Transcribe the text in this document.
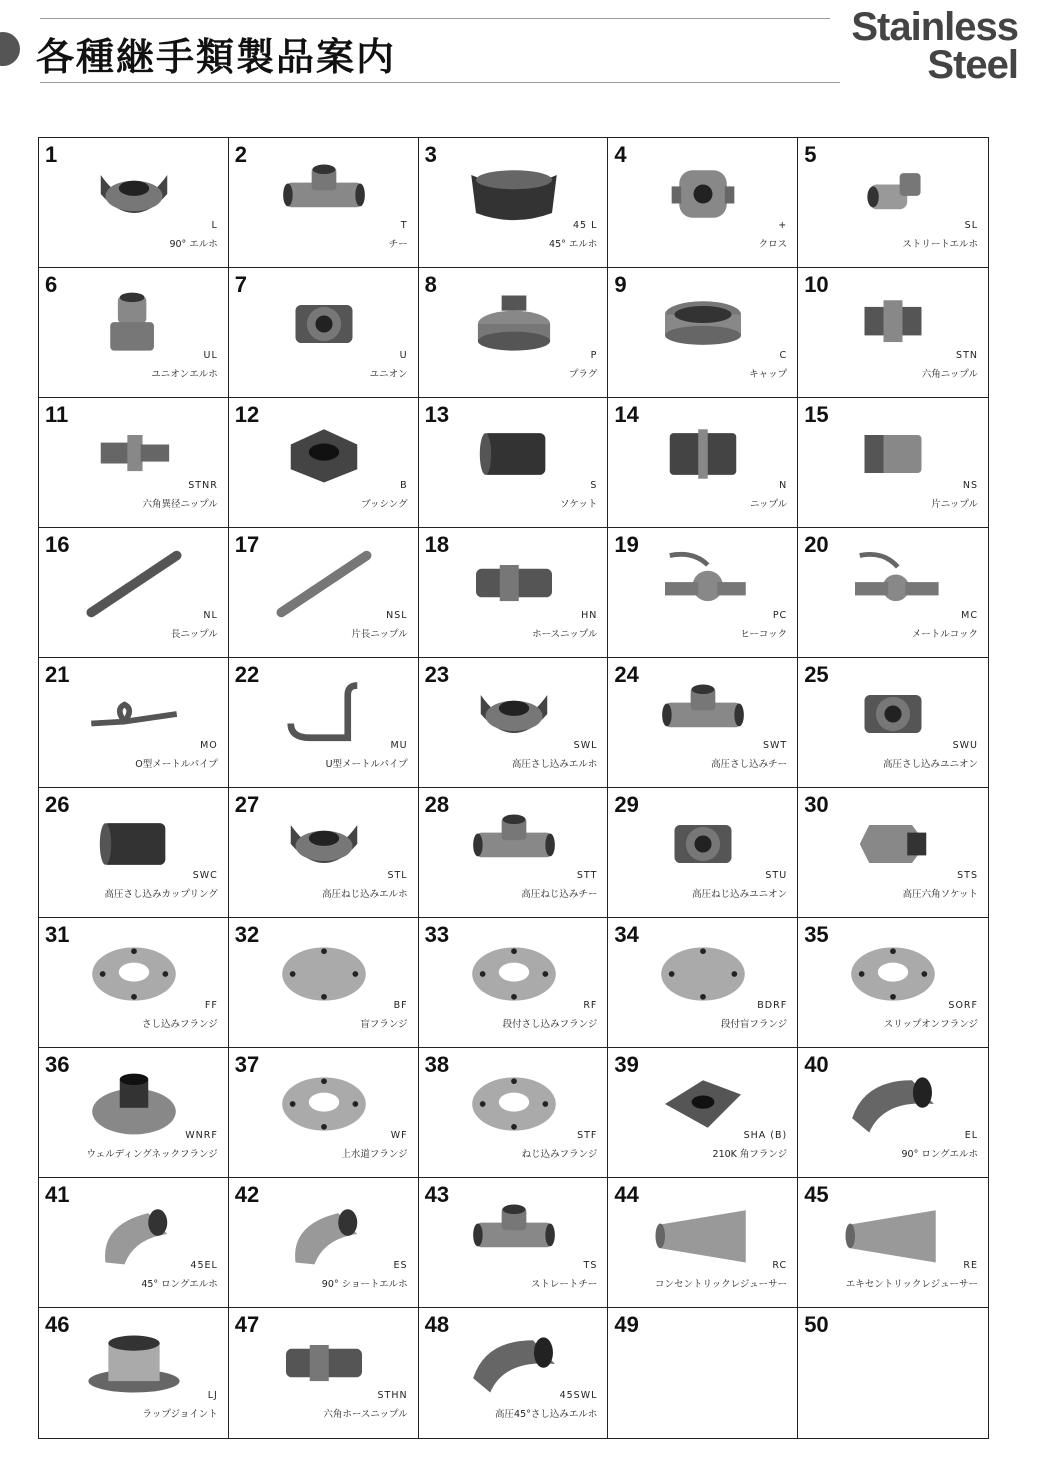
各種継手類製品案内
Stainless
Steel
1
L
90° エルホ
2
T
チー
3
45 L
45° エルホ
4
+
クロス
5
SL
ストリートエルホ
6
UL
ユニオンエルホ
7
U
ユニオン
8
P
プラグ
9
C
キャップ
10
STN
六角ニップル
11
STNR
六角異径ニップル
12
B
ブッシング
13
S
ソケット
14
N
ニップル
15
NS
片ニップル
16
NL
長ニップル
17
NSL
片長ニップル
18
HN
ホースニップル
19
PC
ヒーコック
20
MC
メートルコック
21
MO
O型メートルパイプ
22
MU
U型メートルパイプ
23
SWL
高圧さし込みエルホ
24
SWT
高圧さし込みチー
25
SWU
高圧さし込みユニオン
26
SWC
高圧さし込みカップリング
27
STL
高圧ねじ込みエルホ
28
STT
高圧ねじ込みチー
29
STU
高圧ねじ込みユニオン
30
STS
高圧六角ソケット
31
FF
さし込みフランジ
32
BF
盲フランジ
33
RF
段付さし込みフランジ
34
BDRF
段付盲フランジ
35
SORF
スリップオンフランジ
36
WNRF
ウェルディングネックフランジ
37
WF
上水道フランジ
38
STF
ねじ込みフランジ
39
SHA (B)
210K 角フランジ
40
EL
90° ロングエルホ
41
45EL
45° ロングエルホ
42
ES
90° ショートエルホ
43
TS
ストレートチー
44
RC
コンセントリックレジューサー
45
RE
エキセントリックレジューサー
46
LJ
ラップジョイント
47
STHN
六角ホースニップル
48
45SWL
高圧45°さし込みエルホ
49	50
